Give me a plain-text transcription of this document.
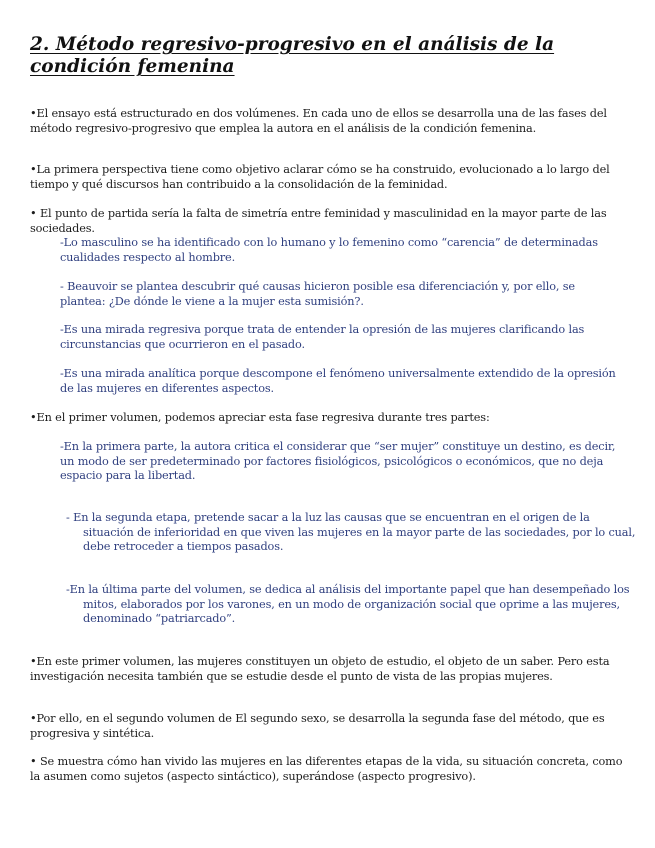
2. Método regresivo-progresivo en el análisis de la condición femenina

•El ensayo está estructurado en dos volúmenes. En cada uno de ellos se desarrolla una de las fases del método regresivo-progresivo que emplea la autora en el análisis de la condición femenina.

•La primera perspectiva tiene como objetivo aclarar cómo se ha construido, evolucionado a lo largo del tiempo y qué discursos han contribuido a la consolidación de la feminidad.

• El punto de partida sería la falta de simetría entre feminidad y masculinidad en la mayor parte de las sociedades.

-Lo masculino se ha identificado con lo humano y lo femenino como “carencia” de determinadas cualidades respecto al hombre.

- Beauvoir se plantea descubrir qué causas hicieron posible esa diferenciación y, por ello, se plantea: ¿De dónde le viene a la mujer esta sumisión?.

-Es una mirada regresiva porque trata de entender la opresión de las mujeres clarificando las circunstancias que ocurrieron en el pasado.

-Es una mirada analítica porque descompone el fenómeno universalmente extendido de la opresión de las mujeres en diferentes aspectos.

•En el primer volumen, podemos apreciar esta fase regresiva durante tres partes:

-En la primera parte, la autora critica el considerar que “ser mujer” constituye un destino, es decir, un modo de ser predeterminado por factores fisiológicos, psicológicos o económicos, que no deja espacio para la libertad.

- En la segunda etapa, pretende sacar a la luz las causas que se encuentran en el origen de la situación de inferioridad en que viven las mujeres en la mayor parte de las sociedades, por lo cual, debe retroceder a tiempos pasados.

-En la última parte del volumen, se dedica al análisis del importante papel que han desempeñado los mitos, elaborados por los varones, en un modo de organización social que oprime a las mujeres, denominado “patriarcado”.

•En este primer volumen, las mujeres constituyen un objeto de estudio, el objeto de un saber. Pero esta investigación necesita también que se estudie desde el punto de vista de las propias mujeres.

•Por ello, en el segundo volumen de El segundo sexo, se desarrolla la segunda fase del método, que es progresiva y sintética.

• Se muestra cómo han vivido las mujeres en las diferentes etapas de la vida, su situación concreta, como la asumen como sujetos (aspecto sintáctico), superándose (aspecto progresivo).
